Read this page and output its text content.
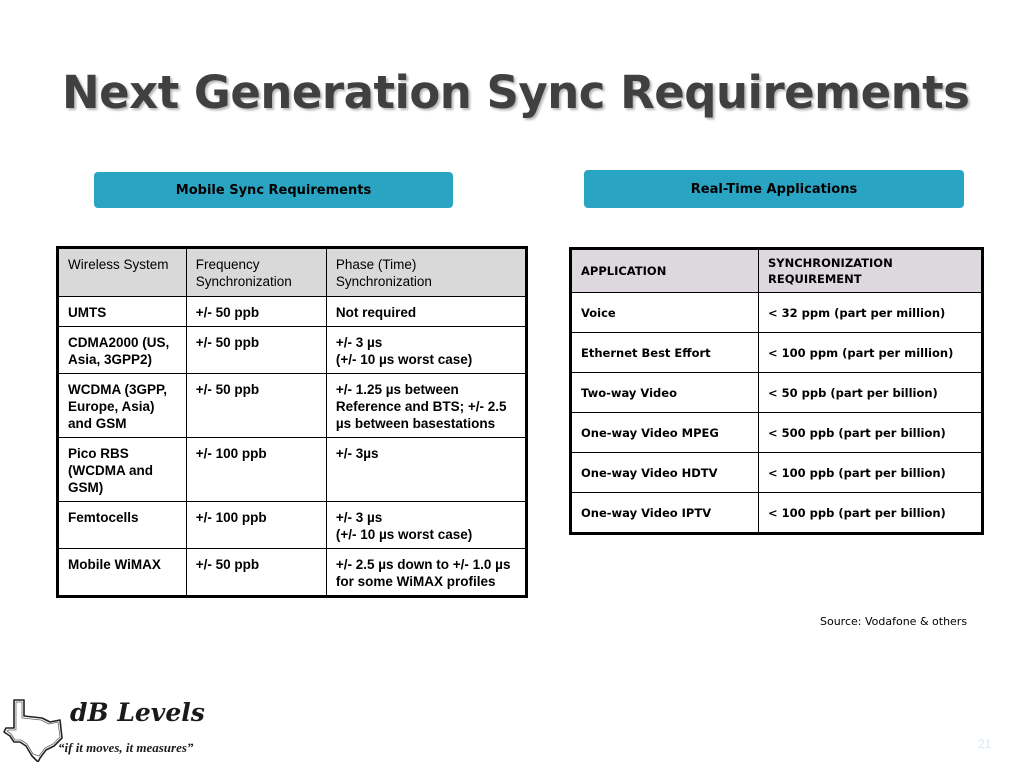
Next Generation Sync Requirements
Mobile Sync Requirements	Real-Time Applications
Wireless System	Frequency Synchronization	Phase (Time) Synchronization
UMTS	+/- 50 ppb	Not required
CDMA2000 (US, Asia, 3GPP2)	+/- 50 ppb	+/- 3 µs
(+/- 10 µs worst case)
WCDMA (3GPP, Europe, Asia) and GSM	+/- 50 ppb	+/- 1.25 µs between Reference and BTS; +/- 2.5 µs between basestations
Pico RBS (WCDMA and GSM)	+/- 100 ppb	+/- 3µs
Femtocells	+/- 100 ppb	+/- 3 µs
(+/- 10 µs worst case)
Mobile WiMAX	+/- 50 ppb	+/- 2.5 µs down to +/- 1.0 µs for some WiMAX profiles
APPLICATION	SYNCHRONIZATION REQUIREMENT
Voice	< 32 ppm (part per million)
Ethernet Best Effort	< 100 ppm (part per million)
Two-way Video	< 50 ppb (part per billion)
One-way Video MPEG	< 500 ppb (part per billion)
One-way Video HDTV	< 100 ppb (part per billion)
One-way Video IPTV	< 100 ppb (part per billion)
Source: Vodafone & others
dB Levels
“if it moves, it measures”	21
